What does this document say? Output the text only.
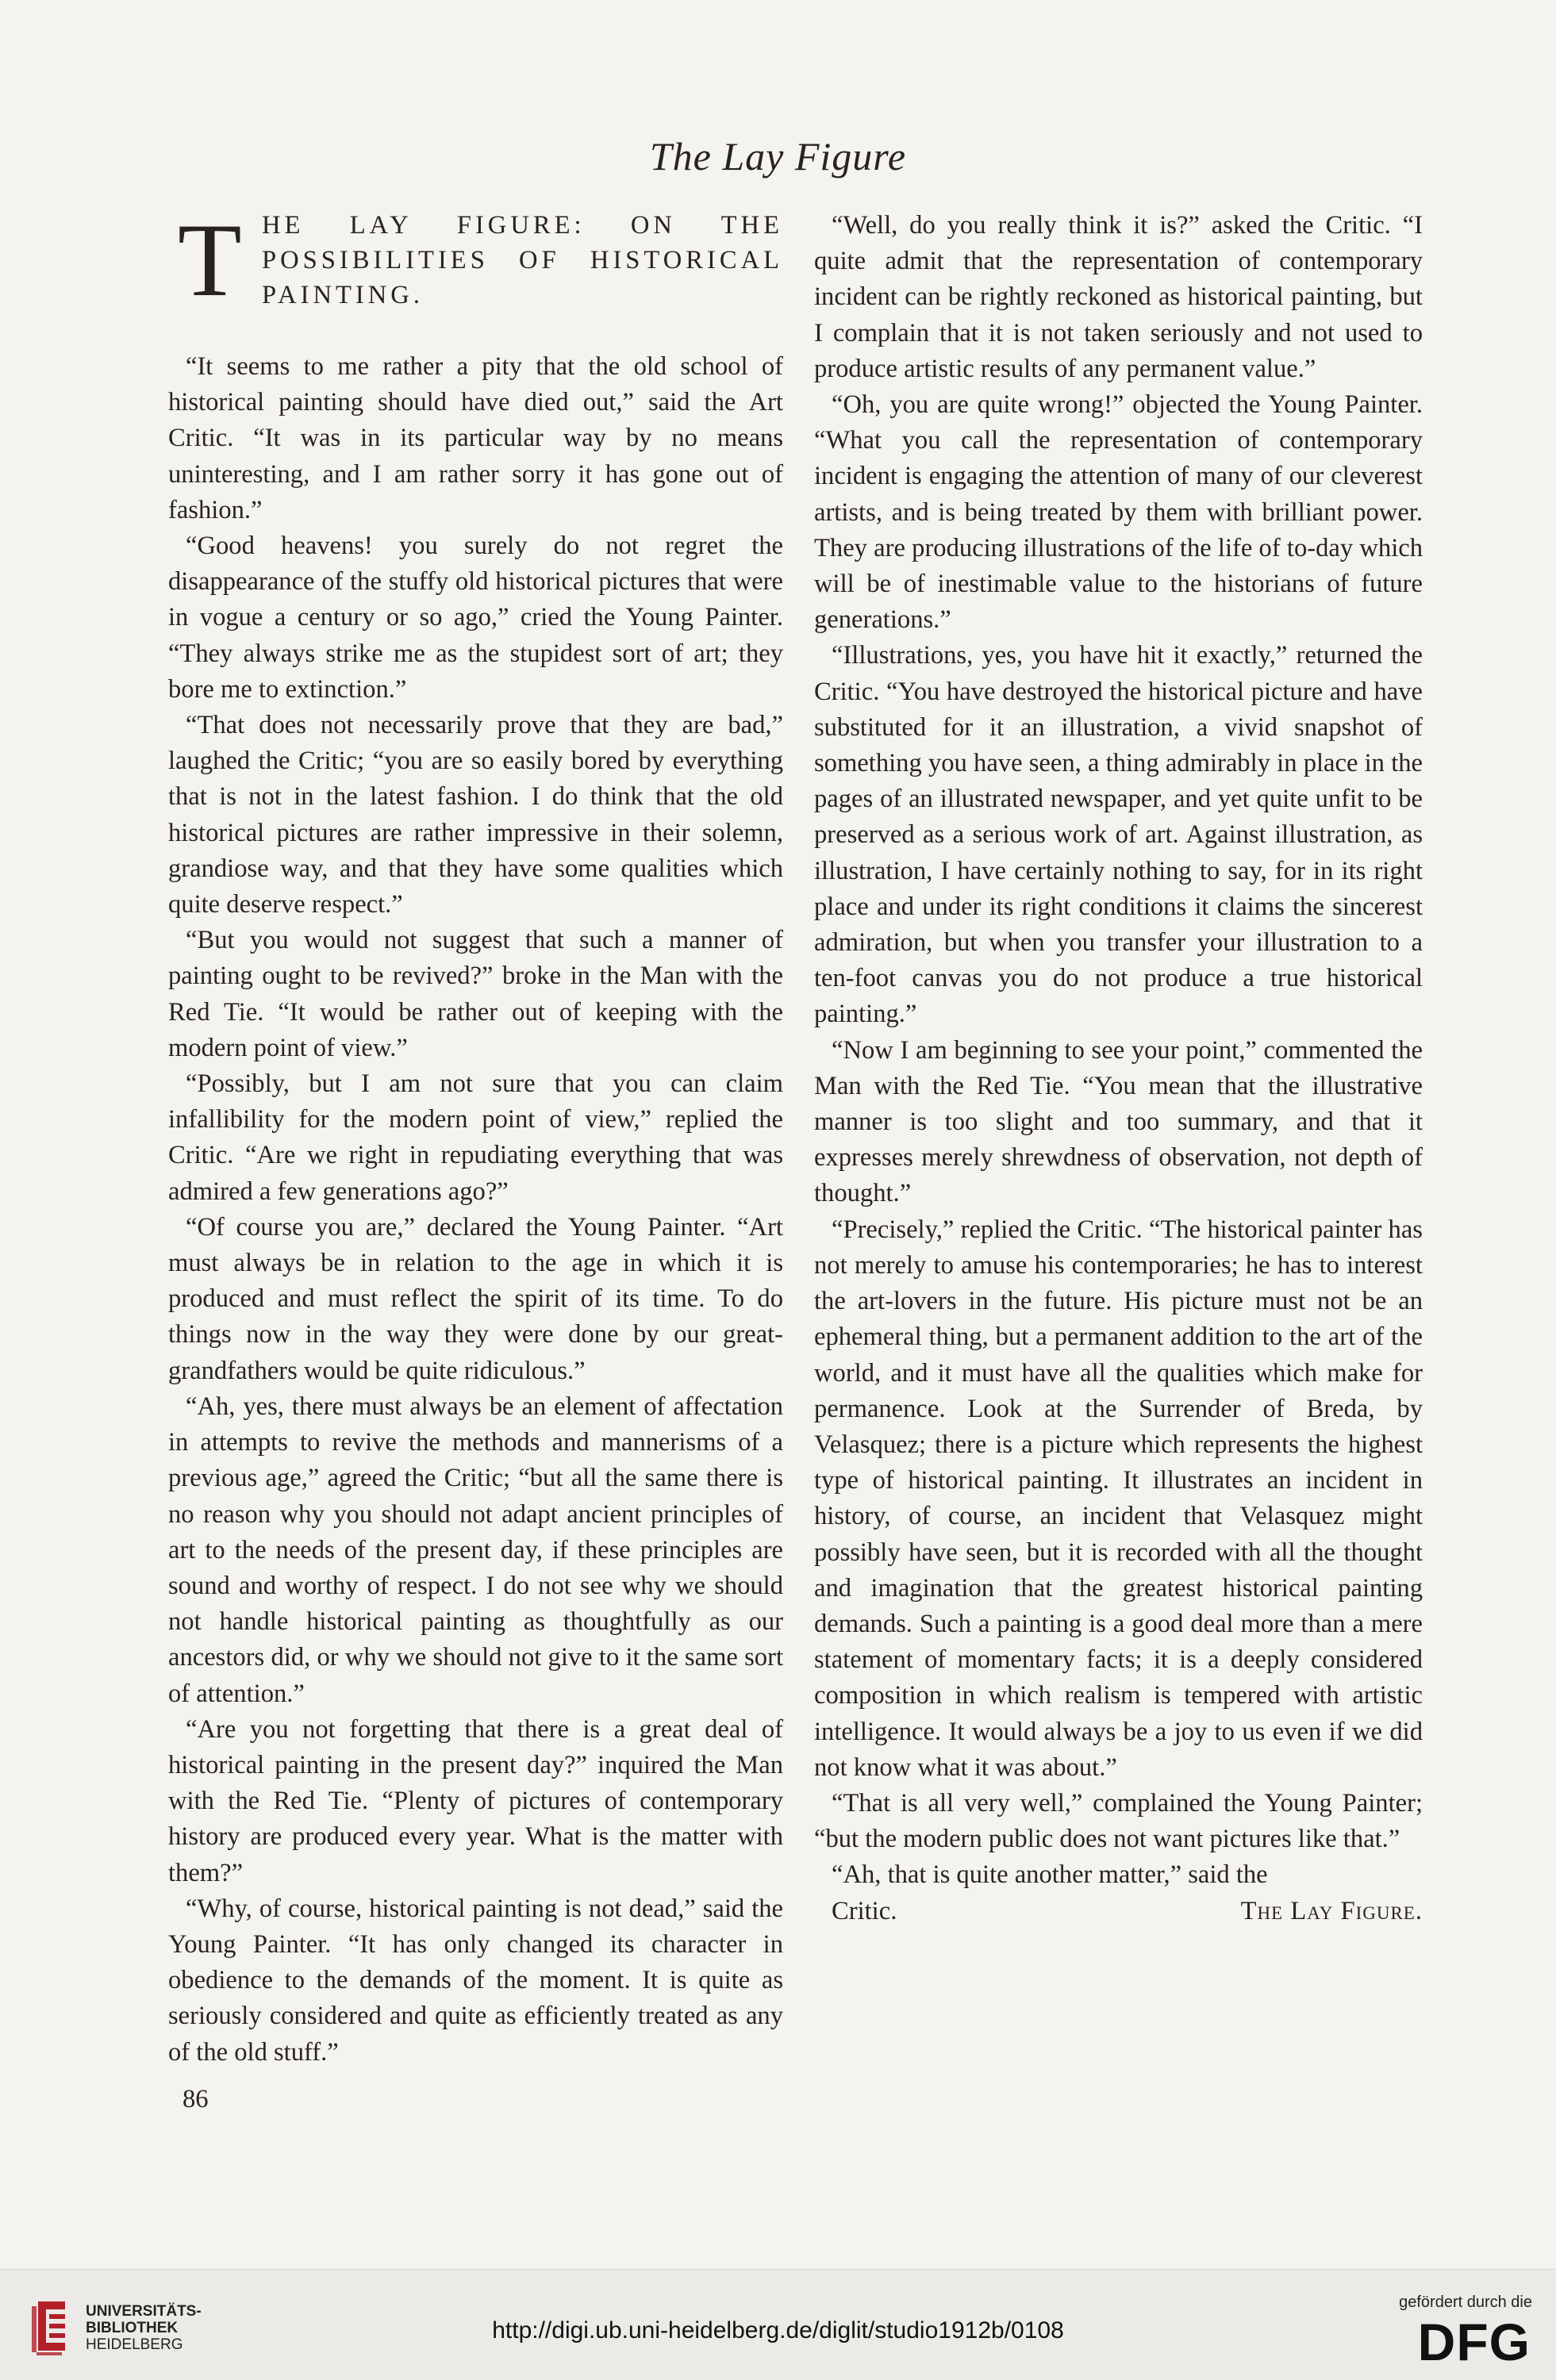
The Lay Figure
T HE LAY FIGURE: ON THE POSSIBILITIES OF HISTORICAL PAINTING.

“It seems to me rather a pity that the old school of historical painting should have died out,” said the Art Critic. “It was in its particular way by no means uninteresting, and I am rather sorry it has gone out of fashion.”

“Good heavens! you surely do not regret the disappearance of the stuffy old historical pictures that were in vogue a century or so ago,” cried the Young Painter. “They always strike me as the stupidest sort of art; they bore me to extinction.”

“That does not necessarily prove that they are bad,” laughed the Critic; “you are so easily bored by everything that is not in the latest fashion. I do think that the old historical pictures are rather impressive in their solemn, grandiose way, and that they have some qualities which quite deserve respect.”

“But you would not suggest that such a manner of painting ought to be revived?” broke in the Man with the Red Tie. “It would be rather out of keeping with the modern point of view.”

“Possibly, but I am not sure that you can claim infallibility for the modern point of view,” replied the Critic. “Are we right in repudiating everything that was admired a few generations ago?”

“Of course you are,” declared the Young Painter. “Art must always be in relation to the age in which it is produced and must reflect the spirit of its time. To do things now in the way they were done by our great-grandfathers would be quite ridiculous.”

“Ah, yes, there must always be an element of affectation in attempts to revive the methods and mannerisms of a previous age,” agreed the Critic; “but all the same there is no reason why you should not adapt ancient principles of art to the needs of the present day, if these principles are sound and worthy of respect. I do not see why we should not handle historical painting as thoughtfully as our ancestors did, or why we should not give to it the same sort of attention.”

“Are you not forgetting that there is a great deal of historical painting in the present day?” inquired the Man with the Red Tie. “Plenty of pictures of contemporary history are produced every year. What is the matter with them?”

“Why, of course, historical painting is not dead,” said the Young Painter. “It has only changed its character in obedience to the demands of the moment. It is quite as seriously considered and quite as efficiently treated as any of the old stuff.”

86

“Well, do you really think it is?” asked the Critic. “I quite admit that the representation of contemporary incident can be rightly reckoned as historical painting, but I complain that it is not taken seriously and not used to produce artistic results of any permanent value.”

“Oh, you are quite wrong!” objected the Young Painter. “What you call the representation of contemporary incident is engaging the attention of many of our cleverest artists, and is being treated by them with brilliant power. They are producing illustrations of the life of to-day which will be of inestimable value to the historians of future generations.”

“Illustrations, yes, you have hit it exactly,” returned the Critic. “You have destroyed the historical picture and have substituted for it an illustration, a vivid snapshot of something you have seen, a thing admirably in place in the pages of an illustrated newspaper, and yet quite unfit to be preserved as a serious work of art. Against illustration, as illustration, I have certainly nothing to say, for in its right place and under its right conditions it claims the sincerest admiration, but when you transfer your illustration to a ten-foot canvas you do not produce a true historical painting.”

“Now I am beginning to see your point,” commented the Man with the Red Tie. “You mean that the illustrative manner is too slight and too summary, and that it expresses merely shrewdness of observation, not depth of thought.”

“Precisely,” replied the Critic. “The historical painter has not merely to amuse his contemporaries; he has to interest the art-lovers in the future. His picture must not be an ephemeral thing, but a permanent addition to the art of the world, and it must have all the qualities which make for permanence. Look at the Surrender of Breda, by Velasquez; there is a picture which represents the highest type of historical painting. It illustrates an incident in history, of course, an incident that Velasquez might possibly have seen, but it is recorded with all the thought and imagination that the greatest historical painting demands. Such a painting is a good deal more than a mere statement of momentary facts; it is a deeply considered composition in which realism is tempered with artistic intelligence. It would always be a joy to us even if we did not know what it was about.”

“That is all very well,” complained the Young Painter; “but the modern public does not want pictures like that.”

“Ah, that is quite another matter,” said the

Critic.	The Lay Figure.

UNIVERSITÄTS-
BIBLIOTHEK
HEIDELBERG
http://digi.ub.uni-heidelberg.de/diglit/studio1912b/0108
gefördert durch die
DFG
